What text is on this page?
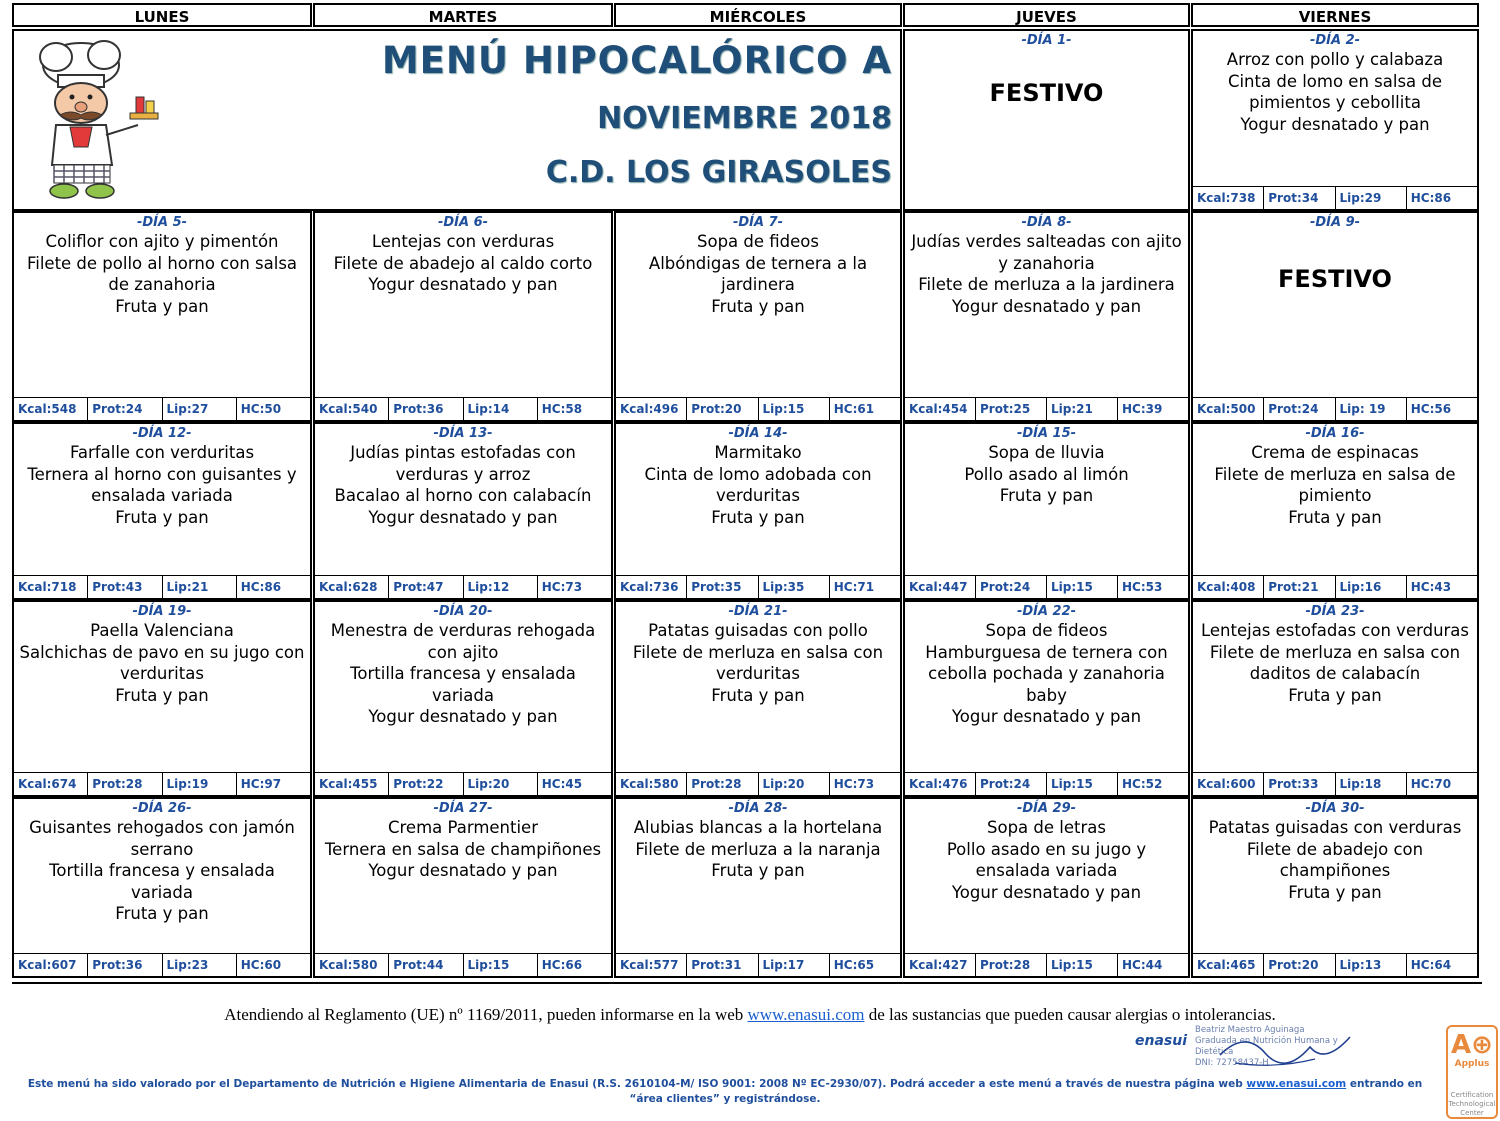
LUNES	MARTES	MIÉRCOLES	JUEVES	VIERNES
MENÚ HIPOCALÓRICO A
NOVIEMBRE 2018
C.D. LOS GIRASOLES
-DÍA 1-
FESTIVO
-DÍA 2-
Arroz con pollo y calabaza
Cinta de lomo en salsa de pimientos y cebollita
Yogur desnatado y pan
Kcal:738	Prot:34	Lip:29	HC:86
-DÍA 5-
Coliflor con ajito y pimentón
Filete de pollo al horno con salsa de zanahoria
Fruta y pan
Kcal:548	Prot:24	Lip:27	HC:50
-DÍA 6-
Lentejas con verduras
Filete de abadejo al caldo corto
Yogur desnatado y pan
Kcal:540	Prot:36	Lip:14	HC:58
-DÍA 7-
Sopa de fideos
Albóndigas de ternera a la jardinera
Fruta y pan
Kcal:496	Prot:20	Lip:15	HC:61
-DÍA 8-
Judías verdes salteadas con ajito y zanahoria
Filete de merluza a la jardinera
Yogur desnatado y pan
Kcal:454	Prot:25	Lip:21	HC:39
-DÍA 9-
FESTIVO
Kcal:500	Prot:24	Lip: 19	HC:56
-DÍA 12-
Farfalle con verduritas
Ternera al horno con guisantes y ensalada variada
Fruta y pan
Kcal:718	Prot:43	Lip:21	HC:86
-DÍA 13-
Judías pintas estofadas con verduras y arroz
Bacalao al horno con calabacín
Yogur desnatado y pan
Kcal:628	Prot:47	Lip:12	HC:73
-DÍA 14-
Marmitako
Cinta de lomo adobada con verduritas
Fruta y pan
Kcal:736	Prot:35	Lip:35	HC:71
-DÍA 15-
Sopa de lluvia
Pollo asado al limón
Fruta y pan
Kcal:447	Prot:24	Lip:15	HC:53
-DÍA 16-
Crema de espinacas
Filete de merluza en salsa de pimiento
Fruta y pan
Kcal:408	Prot:21	Lip:16	HC:43
-DÍA 19-
Paella Valenciana
Salchichas de pavo en su jugo con verduritas
Fruta y pan
Kcal:674	Prot:28	Lip:19	HC:97
-DÍA 20-
Menestra de verduras rehogada con ajito
Tortilla francesa y ensalada variada
Yogur desnatado y pan
Kcal:455	Prot:22	Lip:20	HC:45
-DÍA 21-
Patatas guisadas con pollo
Filete de merluza en salsa con verduritas
Fruta y pan
Kcal:580	Prot:28	Lip:20	HC:73
-DÍA 22-
Sopa de fideos
Hamburguesa de ternera con cebolla pochada y zanahoria baby
Yogur desnatado y pan
Kcal:476	Prot:24	Lip:15	HC:52
-DÍA 23-
Lentejas estofadas con verduras
Filete de merluza en salsa con daditos de calabacín
Fruta y pan
Kcal:600	Prot:33	Lip:18	HC:70
-DÍA 26-
Guisantes rehogados con jamón serrano
Tortilla francesa y ensalada variada
Fruta y pan
Kcal:607	Prot:36	Lip:23	HC:60
-DÍA 27-
Crema Parmentier
Ternera en salsa de champiñones
Yogur desnatado y pan
Kcal:580	Prot:44	Lip:15	HC:66
-DÍA 28-
Alubias blancas a la hortelana
Filete de merluza a la naranja
Fruta y pan
Kcal:577	Prot:31	Lip:17	HC:65
-DÍA 29-
Sopa de letras
Pollo asado en su jugo y ensalada variada
Yogur desnatado y pan
Kcal:427	Prot:28	Lip:15	HC:44
-DÍA 30-
Patatas guisadas con verduras
Filete de abadejo con champiñones
Fruta y pan
Kcal:465	Prot:20	Lip:13	HC:64
Atendiendo al Reglamento (UE) nº 1169/2011, pueden informarse en la web www.enasui.com de las sustancias que pueden causar alergias o intolerancias.
enasui
Beatriz Maestro Aguinaga
Graduada en Nutrición Humana y Dietética
DNI: 72758437-H
Este menú ha sido valorado por el Departamento de Nutrición e Higiene Alimentaria de Enasui (R.S. 2610104-M/ ISO 9001: 2008 Nº EC-2930/07). Podrá acceder a este menú a través de nuestra página web www.enasui.com entrando en “área clientes” y registrándose.
A⊕
Applus
Certification Technological Center
